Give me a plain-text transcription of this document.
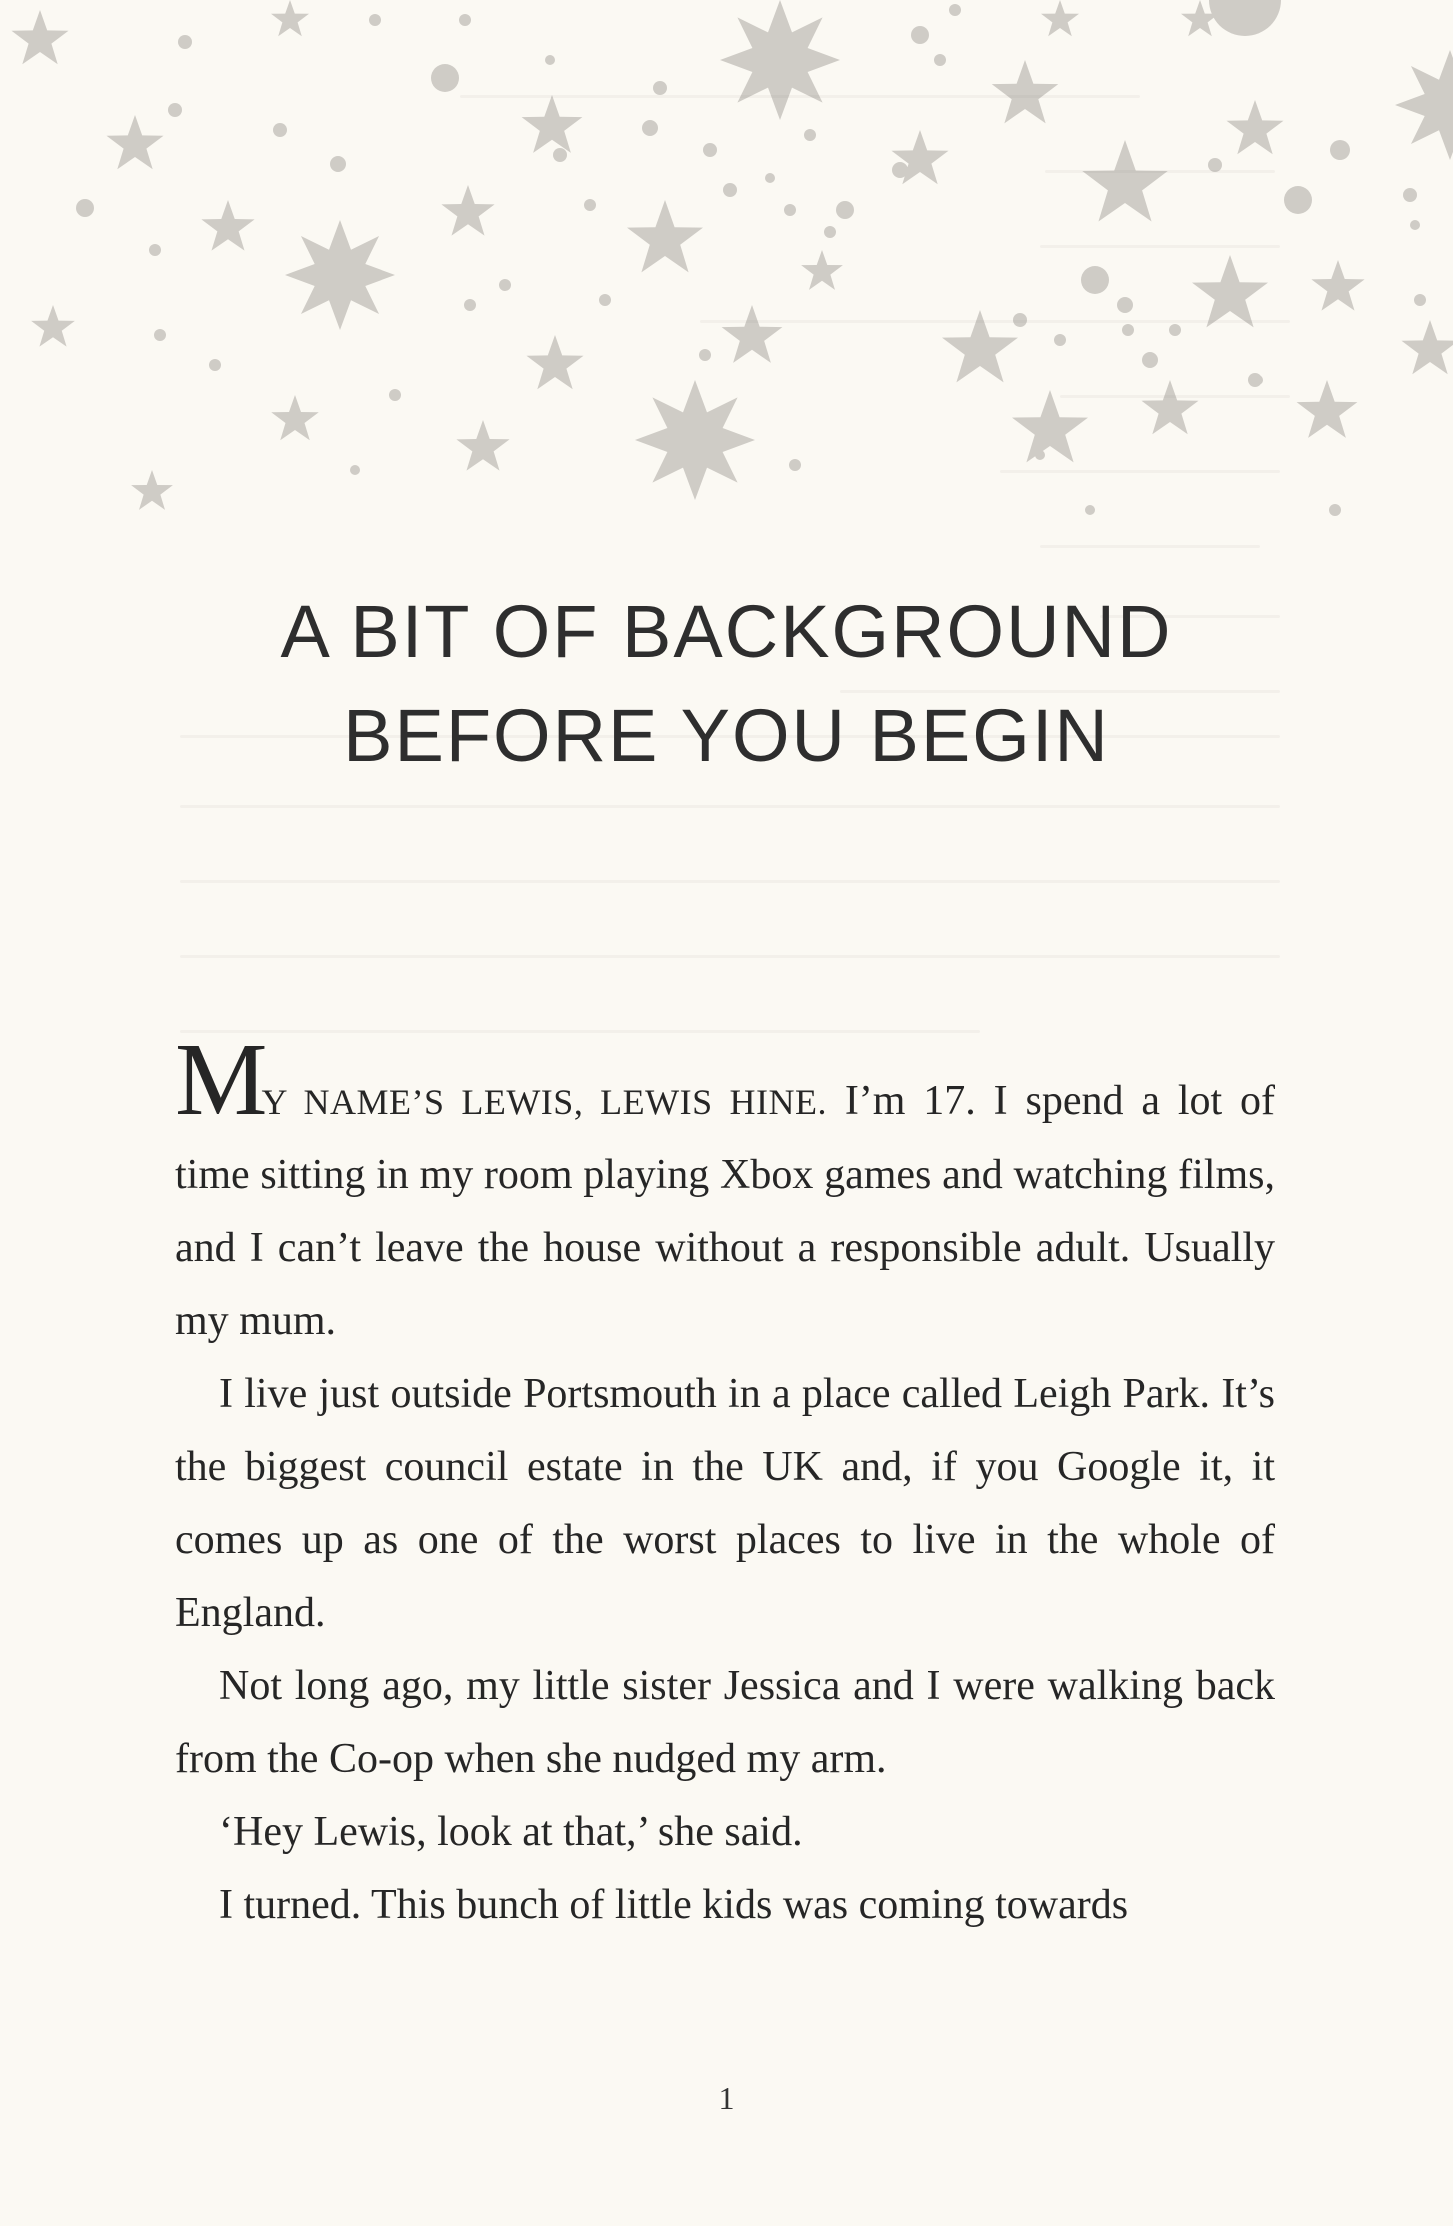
A BIT OF BACKGROUND
BEFORE YOU BEGIN

MY NAME’S LEWIS, LEWIS HINE. I’m 17. I spend a lot of time sitting in my room playing Xbox games and watching films, and I can’t leave the house without a responsible adult. Usually my mum.

I live just outside Portsmouth in a place called Leigh Park. It’s the biggest council estate in the UK and, if you Google it, it comes up as one of the worst places to live in the whole of England.

Not long ago, my little sister Jessica and I were walking back from the Co-op when she nudged my arm.

‘Hey Lewis, look at that,’ she said.

I turned. This bunch of little kids was coming towards

1
